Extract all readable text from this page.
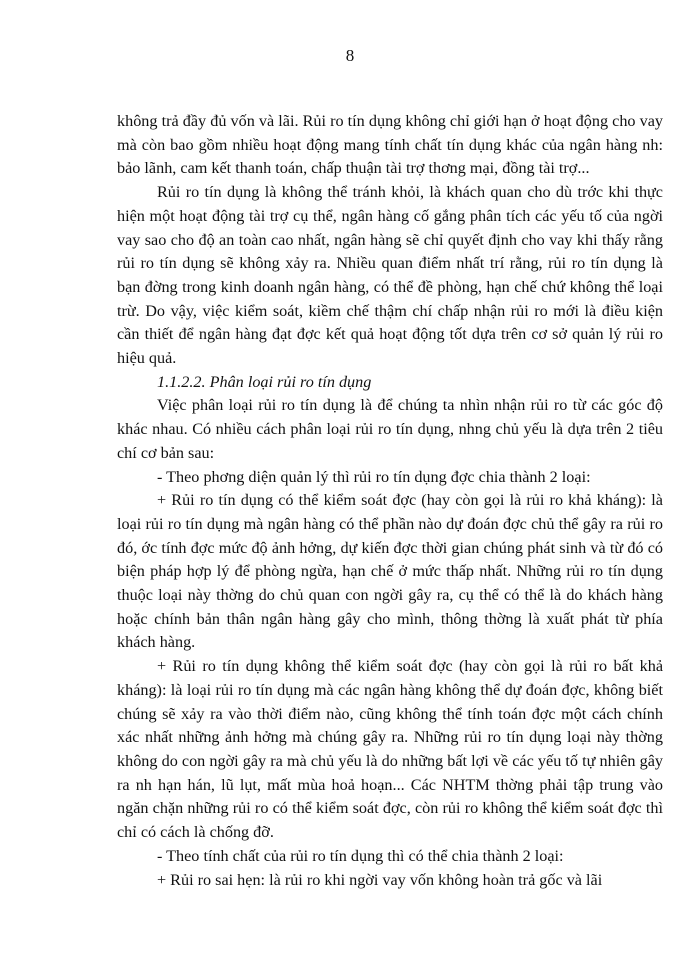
8

không trả đầy đủ vốn và lãi. Rủi ro tín dụng không chỉ giới hạn ở hoạt động cho vay mà còn bao gồm nhiều hoạt động mang tính chất tín dụng khác của ngân hàng nh: bảo lãnh, cam kết thanh toán, chấp thuận tài trợ thơng mại, đồng tài trợ...

Rủi ro tín dụng là không thể tránh khỏi, là khách quan cho dù trớc khi thực hiện một hoạt động tài trợ cụ thể, ngân hàng cố gắng phân tích các yếu tố của ngời vay sao cho độ an toàn cao nhất, ngân hàng sẽ chỉ quyết định cho vay khi thấy rằng rủi ro tín dụng sẽ không xảy ra. Nhiều quan điểm nhất trí rằng, rủi ro tín dụng là bạn đờng trong kinh doanh ngân hàng, có thể đề phòng, hạn chế chứ không thể loại trừ. Do vậy, việc kiểm soát, kiềm chế thậm chí chấp nhận rủi ro mới là điều kiện cần thiết để ngân hàng đạt đợc kết quả hoạt động tốt dựa trên cơ sở quản lý rủi ro hiệu quả.

1.1.2.2. Phân loại rủi ro tín dụng

Việc phân loại rủi ro tín dụng là để chúng ta nhìn nhận rủi ro từ các góc độ khác nhau. Có nhiều cách phân loại rủi ro tín dụng, nhng chủ yếu là dựa trên 2 tiêu chí cơ bản sau:

- Theo phơng diện quản lý thì rủi ro tín dụng đợc chia thành 2 loại:

+ Rủi ro tín dụng có thể kiểm soát đợc (hay còn gọi là rủi ro khả kháng): là loại rủi ro tín dụng mà ngân hàng có thể phần nào dự đoán đợc chủ thể gây ra rủi ro đó, ớc tính đợc mức độ ảnh hởng, dự kiến đợc thời gian chúng phát sinh và từ đó có biện pháp hợp lý để phòng ngừa, hạn chế ở mức thấp nhất. Những rủi ro tín dụng thuộc loại này thờng do chủ quan con ngời gây ra, cụ thể có thể là do khách hàng hoặc chính bản thân ngân hàng gây cho mình, thông thờng là xuất phát từ phía khách hàng.

+ Rủi ro tín dụng không thể kiểm soát đợc (hay còn gọi là rủi ro bất khả kháng): là loại rủi ro tín dụng mà các ngân hàng không thể dự đoán đợc, không biết chúng sẽ xảy ra vào thời điểm nào, cũng không thể tính toán đợc một cách chính xác nhất những ảnh hởng mà chúng gây ra. Những rủi ro tín dụng loại này thờng không do con ngời gây ra mà chủ yếu là do những bất lợi về các yếu tố tự nhiên gây ra nh hạn hán, lũ lụt, mất mùa hoả hoạn... Các NHTM thờng phải tập trung vào ngăn chặn những rủi ro có thể kiểm soát đợc, còn rủi ro không thể kiểm soát đợc thì chỉ có cách là chống đỡ.

- Theo tính chất của rủi ro tín dụng thì có thể chia thành 2 loại:

+ Rủi ro sai hẹn: là rủi ro khi ngời vay vốn không hoàn trả gốc và lãi
